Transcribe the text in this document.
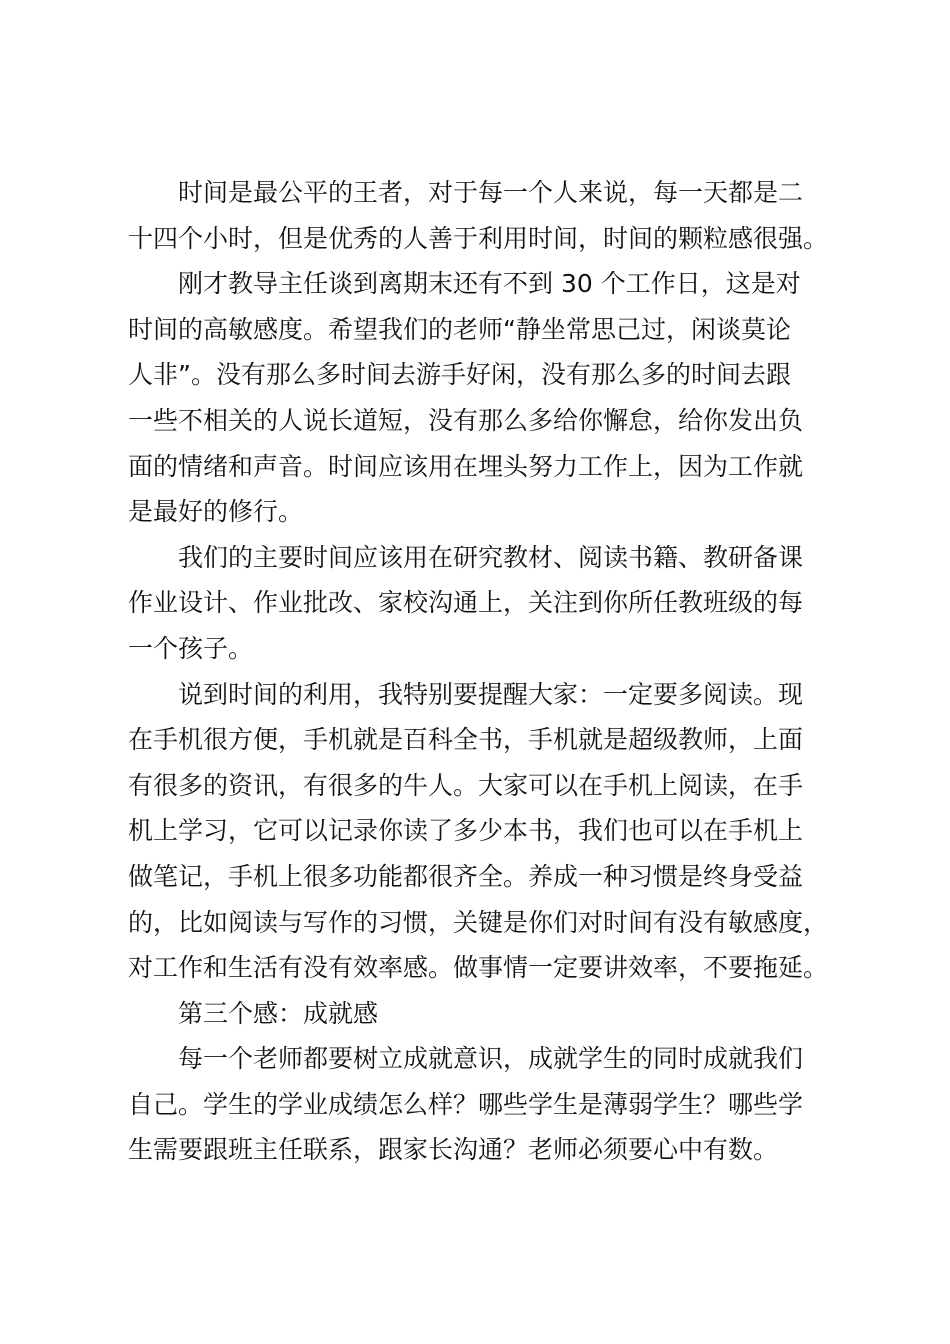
时间是最公平的王者，对于每一个人来说，每一天都是二
十四个小时，但是优秀的人善于利用时间，时间的颗粒感很强。
刚才教导主任谈到离期末还有不到 30 个工作日，这是对
时间的高敏感度。希望我们的老师“静坐常思己过，闲谈莫论
人非”。没有那么多时间去游手好闲，没有那么多的时间去跟
一些不相关的人说长道短，没有那么多给你懈怠，给你发出负
面的情绪和声音。时间应该用在埋头努力工作上，因为工作就
是最好的修行。
我们的主要时间应该用在研究教材、阅读书籍、教研备课
作业设计、作业批改、家校沟通上，关注到你所任教班级的每
一个孩子。
说到时间的利用，我特别要提醒大家：一定要多阅读。现
在手机很方便，手机就是百科全书，手机就是超级教师，上面
有很多的资讯，有很多的牛人。大家可以在手机上阅读，在手
机上学习，它可以记录你读了多少本书，我们也可以在手机上
做笔记，手机上很多功能都很齐全。养成一种习惯是终身受益
的，比如阅读与写作的习惯，关键是你们对时间有没有敏感度，
对工作和生活有没有效率感。做事情一定要讲效率，不要拖延。
第三个感：成就感
每一个老师都要树立成就意识，成就学生的同时成就我们
自己。学生的学业成绩怎么样？哪些学生是薄弱学生？哪些学
生需要跟班主任联系，跟家长沟通？老师必须要心中有数。
